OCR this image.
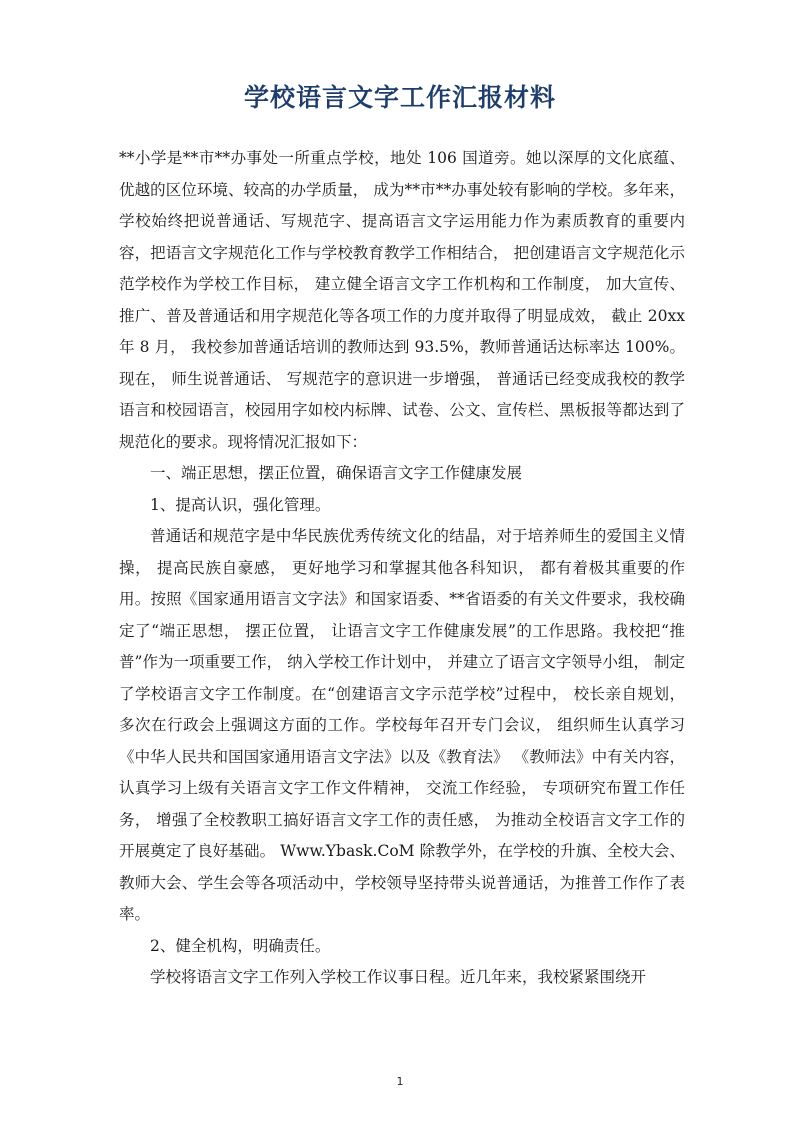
学校语言文字工作汇报材料

**小学是**市**办事处一所重点学校，地处 106 国道旁。她以深厚的文化底蕴、优越的区位环境、较高的办学质量， 成为**市**办事处较有影响的学校。多年来，学校始终把说普通话、写规范字、提高语言文字运用能力作为素质教育的重要内容，把语言文字规范化工作与学校教育教学工作相结合， 把创建语言文字规范化示范学校作为学校工作目标， 建立健全语言文字工作机构和工作制度， 加大宣传、推广、普及普通话和用字规范化等各项工作的力度并取得了明显成效， 截止 20xx 年 8 月， 我校参加普通话培训的教师达到 93.5%，教师普通话达标率达 100%。现在， 师生说普通话、 写规范字的意识进一步增强， 普通话已经变成我校的教学语言和校园语言，校园用字如校内标牌、试卷、公文、宣传栏、黑板报等都达到了规范化的要求。现将情况汇报如下：

一、端正思想，摆正位置，确保语言文字工作健康发展

1、提高认识，强化管理。

普通话和规范字是中华民族优秀传统文化的结晶，对于培养师生的爱国主义情操， 提高民族自豪感， 更好地学习和掌握其他各科知识， 都有着极其重要的作用。按照《国家通用语言文字法》和国家语委、**省语委的有关文件要求，我校确定了“端正思想， 摆正位置， 让语言文字工作健康发展”的工作思路。我校把“推普”作为一项重要工作， 纳入学校工作计划中， 并建立了语言文字领导小组， 制定了学校语言文字工作制度。在“创建语言文字示范学校”过程中， 校长亲自规划， 多次在行政会上强调这方面的工作。学校每年召开专门会议， 组织师生认真学习《中华人民共和国国家通用语言文字法》以及《教育法》 《教师法》中有关内容， 认真学习上级有关语言文字工作文件精神， 交流工作经验， 专项研究布置工作任务， 增强了全校教职工搞好语言文字工作的责任感， 为推动全校语言文字工作的开展奠定了良好基础。 Www.Ybask.CoM 除教学外，在学校的升旗、全校大会、教师大会、学生会等各项活动中，学校领导坚持带头说普通话，为推普工作作了表率。

2、健全机构，明确责任。

学校将语言文字工作列入学校工作议事日程。近几年来，我校紧紧围绕开

1
